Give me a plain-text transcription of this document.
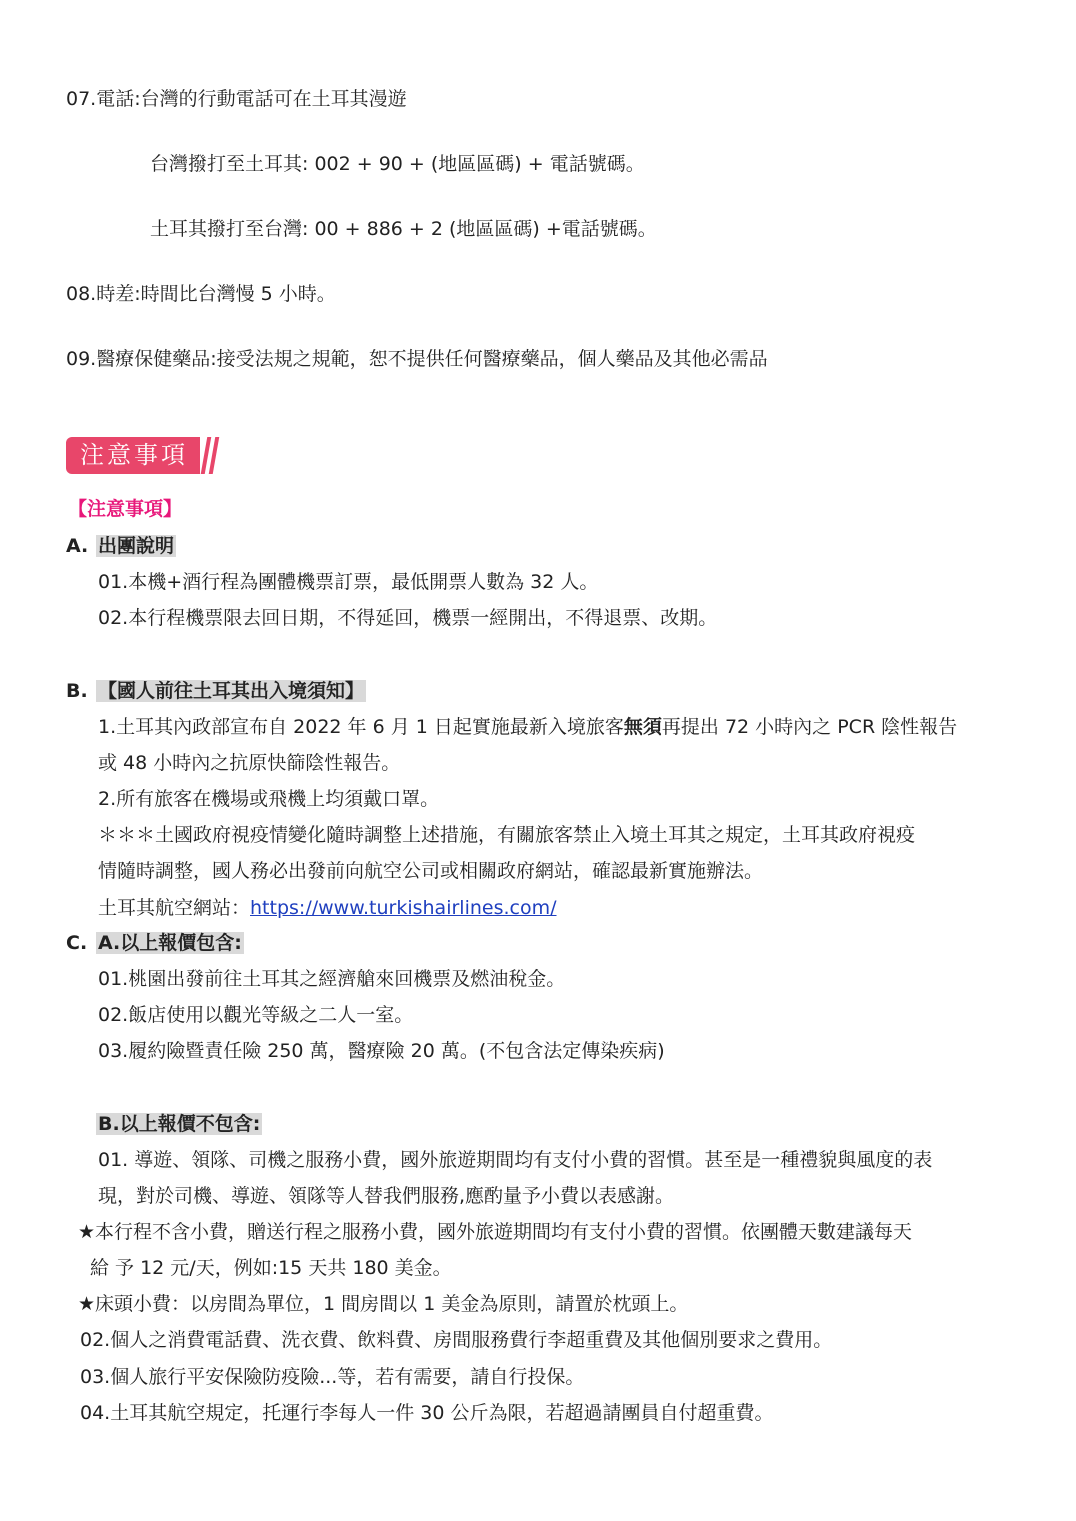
07.電話:台灣的行動電話可在土耳其漫遊
台灣撥打至土耳其: 002 + 90 + (地區區碼) + 電話號碼。
土耳其撥打至台灣: 00 + 886 + 2 (地區區碼) +電話號碼。
08.時差:時間比台灣慢 5 小時。
09.醫療保健藥品:接受法規之規範，恕不提供任何醫療藥品，個人藥品及其他必需品
注意事項
【注意事項】
A. 出團說明
01.本機+酒行程為團體機票訂票，最低開票人數為 32 人。
02.本行程機票限去回日期，不得延回，機票一經開出，不得退票、改期。
B. 【國人前往土耳其出入境須知】
1.土耳其內政部宣布自 2022 年 6 月 1 日起實施最新入境旅客無須再提出 72 小時內之 PCR 陰性報告
或 48 小時內之抗原快篩陰性報告。
2.所有旅客在機場或飛機上均須戴口罩。
＊＊＊土國政府視疫情變化隨時調整上述措施，有關旅客禁止入境土耳其之規定，土耳其政府視疫
情隨時調整，國人務必出發前向航空公司或相關政府網站，確認最新實施辦法。
土耳其航空網站：https://www.turkishairlines.com/
C. A.以上報價包含:
01.桃園出發前往土耳其之經濟艙來回機票及燃油稅金。
02.飯店使用以觀光等級之二人一室。
03.履約險暨責任險 250 萬，醫療險 20 萬。(不包含法定傳染疾病)
B.以上報價不包含:
01. 導遊、領隊、司機之服務小費，國外旅遊期間均有支付小費的習慣。甚至是一種禮貌與風度的表
現，對於司機、導遊、領隊等人替我們服務,應酌量予小費以表感謝。
★本行程不含小費，贈送行程之服務小費，國外旅遊期間均有支付小費的習慣。依團體天數建議每天
給 予 12 元/天，例如:15 天共 180 美金。
★床頭小費：以房間為單位，1 間房間以 1 美金為原則，請置於枕頭上。
02.個人之消費電話費、洗衣費、飲料費、房間服務費行李超重費及其他個別要求之費用。
03.個人旅行平安保險防疫險...等，若有需要，請自行投保。
04.土耳其航空規定，托運行李每人一件 30 公斤為限，若超過請團員自付超重費。
